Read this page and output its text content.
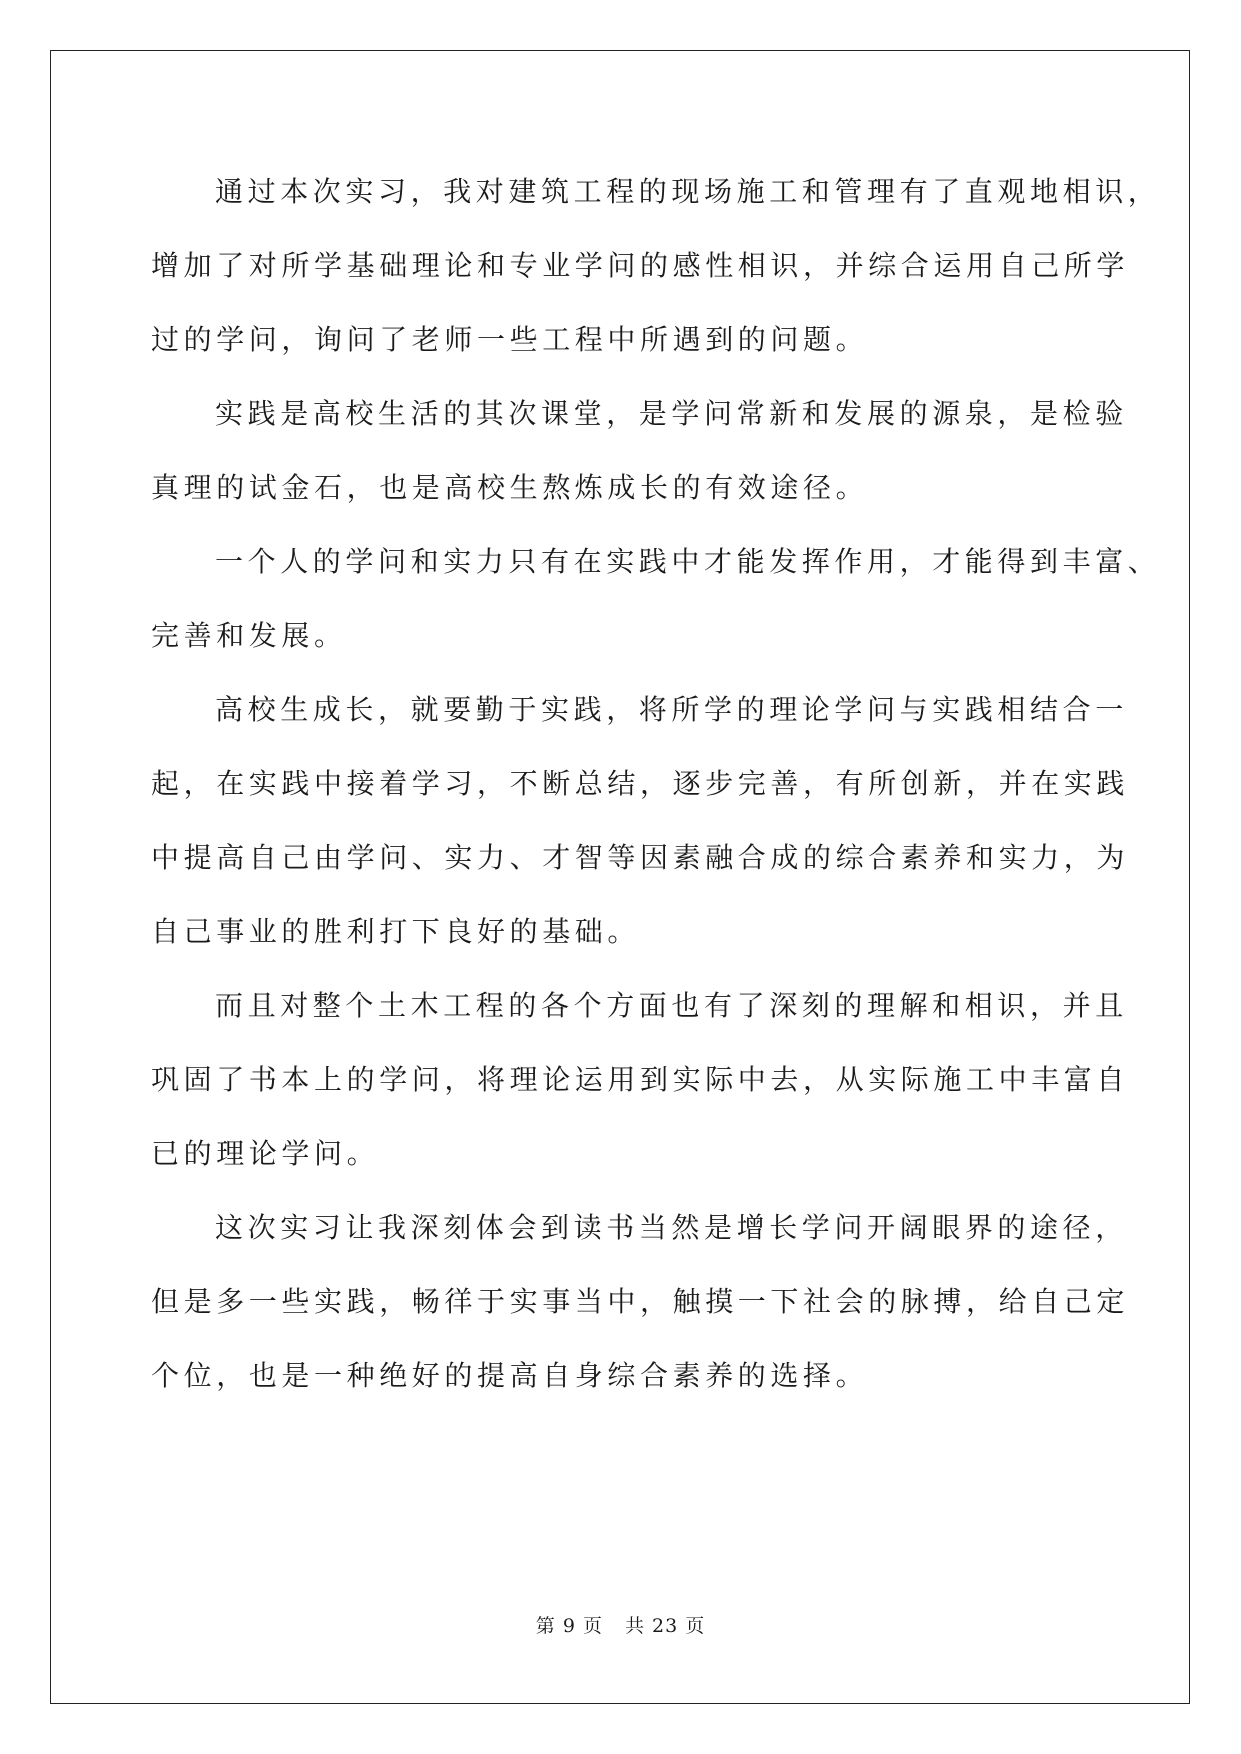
通过本次实习，我对建筑工程的现场施工和管理有了直观地相识，

增加了对所学基础理论和专业学问的感性相识，并综合运用自己所学

过的学问，询问了老师一些工程中所遇到的问题。

实践是高校生活的其次课堂，是学问常新和发展的源泉，是检验

真理的试金石，也是高校生熬炼成长的有效途径。

一个人的学问和实力只有在实践中才能发挥作用，才能得到丰富、

完善和发展。

高校生成长，就要勤于实践，将所学的理论学问与实践相结合一

起，在实践中接着学习，不断总结，逐步完善，有所创新，并在实践

中提高自己由学问、实力、才智等因素融合成的综合素养和实力，为

自己事业的胜利打下良好的基础。

而且对整个土木工程的各个方面也有了深刻的理解和相识，并且

巩固了书本上的学问，将理论运用到实际中去，从实际施工中丰富自

已的理论学问。

这次实习让我深刻体会到读书当然是增长学问开阔眼界的途径，

但是多一些实践，畅徉于实事当中，触摸一下社会的脉搏，给自己定

个位，也是一种绝好的提高自身综合素养的选择。

第 9 页 共 23 页
